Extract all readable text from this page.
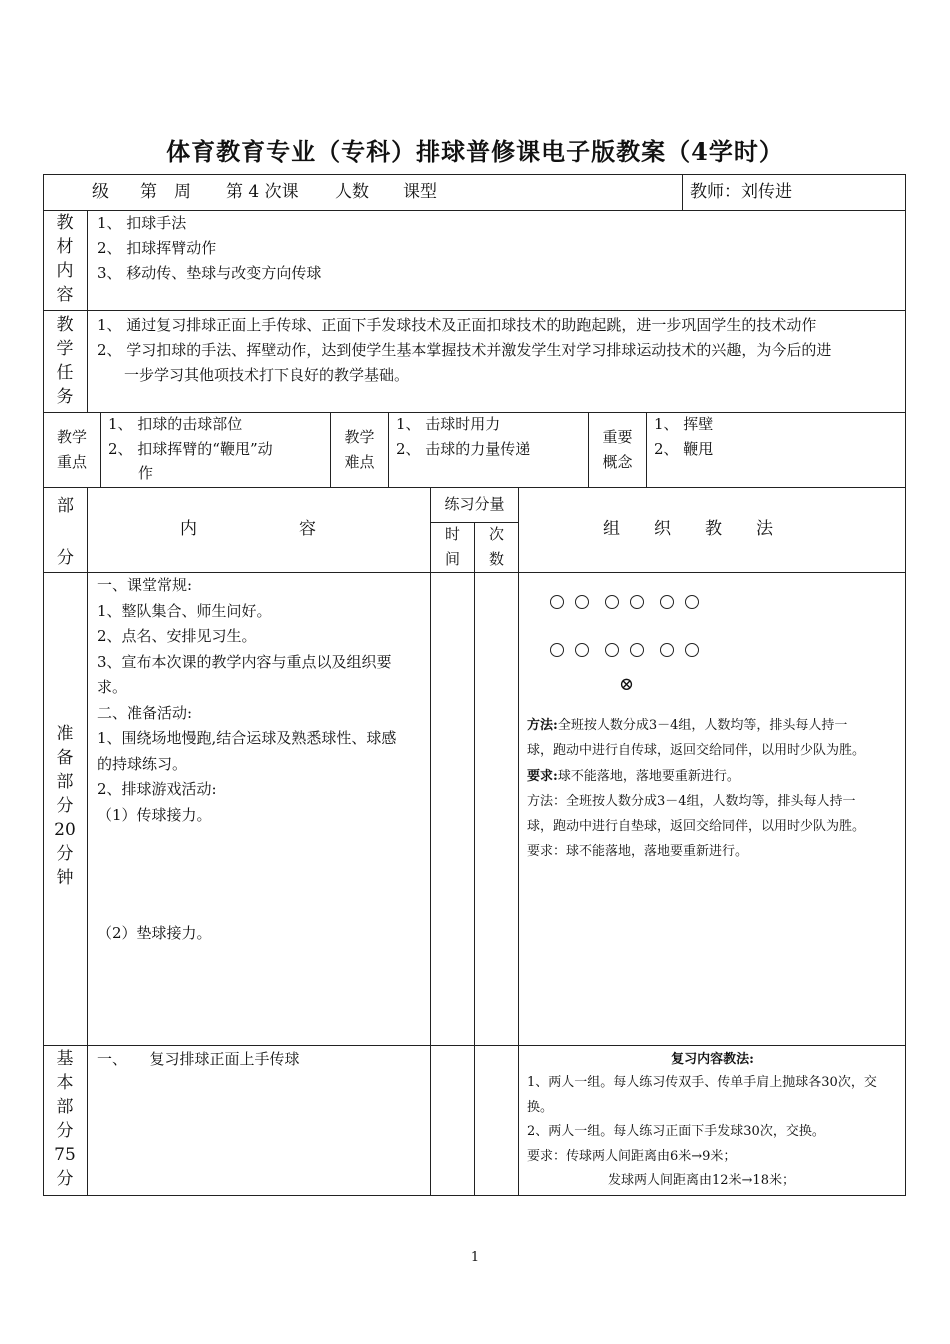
体育教育专业（专科）排球普修课电子版教案（4学时）
级 第　周 第 4 次课 人数 课型	教师：刘传进
教
材
内
容
1、 扣球手法
2、 扣球挥臂动作
3、 移动传、垫球与改变方向传球
教
学
任
务
1、 通过复习排球正面上手传球、正面下手发球技术及正面扣球技术的助跑起跳，进一步巩固学生的技术动作
2、 学习扣球的手法、挥壁动作，达到使学生基本掌握技术并激发学生对学习排球运动技术的兴趣，为今后的进
一步学习其他项技术打下良好的教学基础。
教学
重点
1、 扣球的击球部位
2、 扣球挥臂的“鞭甩”动
作
教学
难点
1、 击球时用力
2、 击球的力量传递
重要
概念
1、 挥壁
2、 鞭甩
部
分
内　　　　　　容
练习分量
时
间
次
数
组　　织　　教　　法
准
备
部
分
20
分
钟
一、课堂常规:
1、整队集合、师生问好。
2、点名、安排见习生。
3、宣布本次课的教学内容与重点以及组织要
求。
二、准备活动:
1、围绕场地慢跑,结合运球及熟悉球性、球感
的持球练习。
2、排球游戏活动:
（1）传球接力。
（2）垫球接力。

⊗
方法:全班按人数分成3－4组，人数均等，排头每人持一
球，跑动中进行自传球，返回交给同伴，以用时少队为胜。
要求:球不能落地，落地要重新进行。
方法：全班按人数分成3－4组，人数均等，排头每人持一
球，跑动中进行自垫球，返回交给同伴，以用时少队为胜。
要求：球不能落地，落地要重新进行。
基
本
部
分
75
分
一、　　复习排球正面上手传球	复习内容教法:
1、两人一组。每人练习传双手、传单手肩上抛球各30次，交
换。
2、两人一组。每人练习正面下手发球30次，交换。
要求：传球两人间距离由6米→9米；
发球两人间距离由12米→18米；
1
